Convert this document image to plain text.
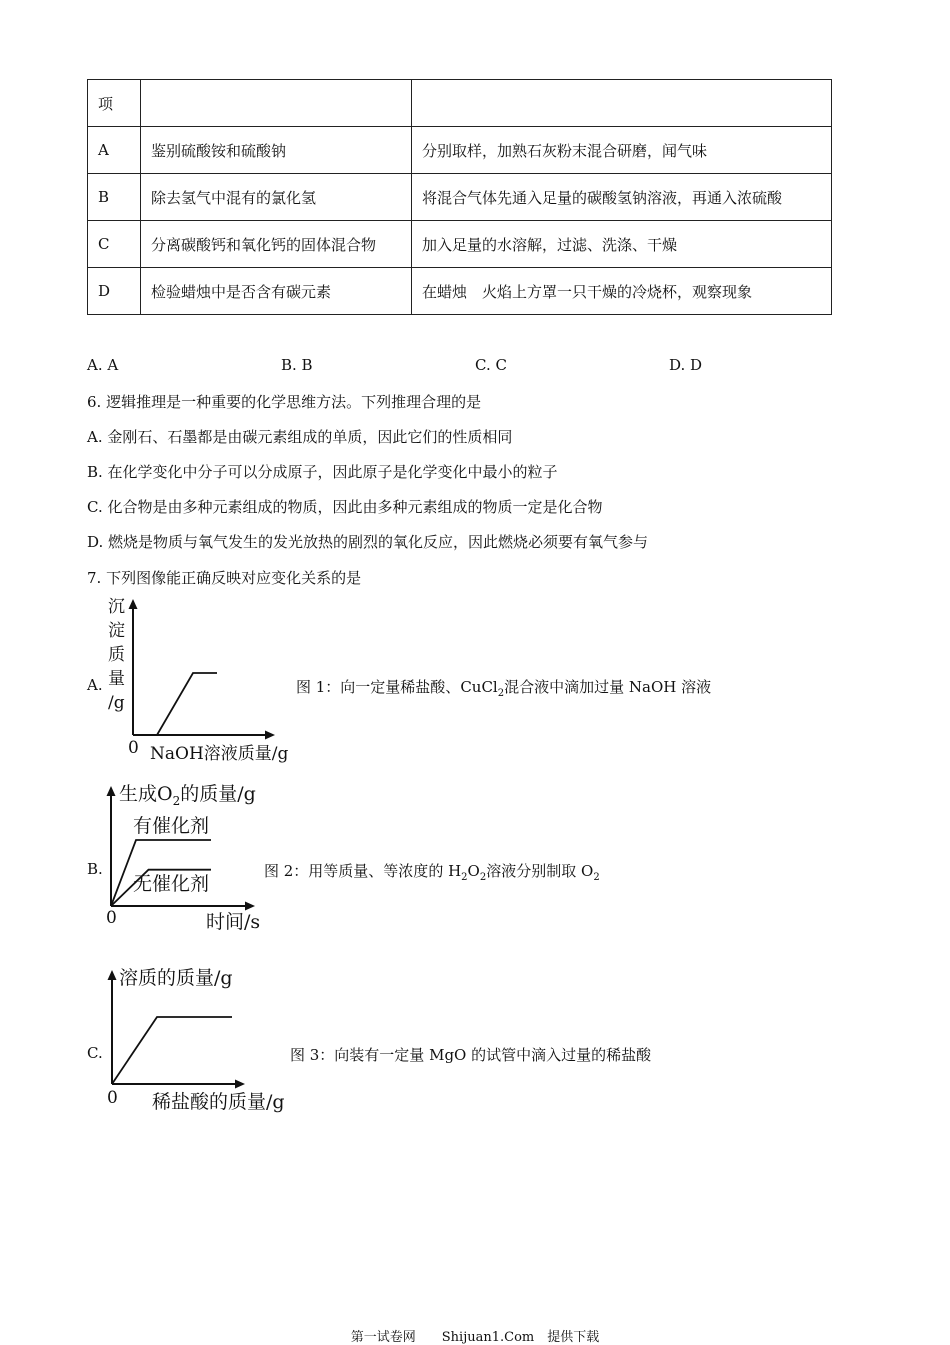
项		
A	鉴别硫酸铵和硫酸钠	分别取样，加熟石灰粉末混合研磨，闻气味
B	除去氢气中混有的氯化氢	将混合气体先通入足量的碳酸氢钠溶液，再通入浓硫酸
C	分离碳酸钙和氧化钙的固体混合物	加入足量的水溶解，过滤、洗涤、干燥
D	检验蜡烛中是否含有碳元素	在蜡烛　火焰上方罩一只干燥的冷烧杯，观察现象
A. A	B. B	C. C	D. D
6. 逻辑推理是一种重要的化学思维方法。下列推理合理的是
A. 金刚石、石墨都是由碳元素组成的单质，因此它们的性质相同
B. 在化学变化中分子可以分成原子，因此原子是化学变化中最小的粒子
C. 化合物是由多种元素组成的物质，因此由多种元素组成的物质一定是化合物
D. 燃烧是物质与氧气发生的发光放热的剧烈的氧化反应，因此燃烧必须要有氧气参与
7. 下列图像能正确反映对应变化关系的是
A.
沉
淀
质
量
/g
0 NaOH溶液质量/g
图 1：向一定量稀盐酸、CuCl$_2$混合液中滴加过量 NaOH 溶液
B.
生成$O_2$的质量/g
0	时间/s
有催化剂
无催化剂
图 2：用等质量、等浓度的 $H_2O_2$溶液分别制取 $O_2$
C.
溶质的质量/g
0 稀盐酸的质量/g
图 3：向装有一定量 MgO 的试管中滴入过量的稀盐酸
第一试卷网　　Shijuan1.Com　提供下载
